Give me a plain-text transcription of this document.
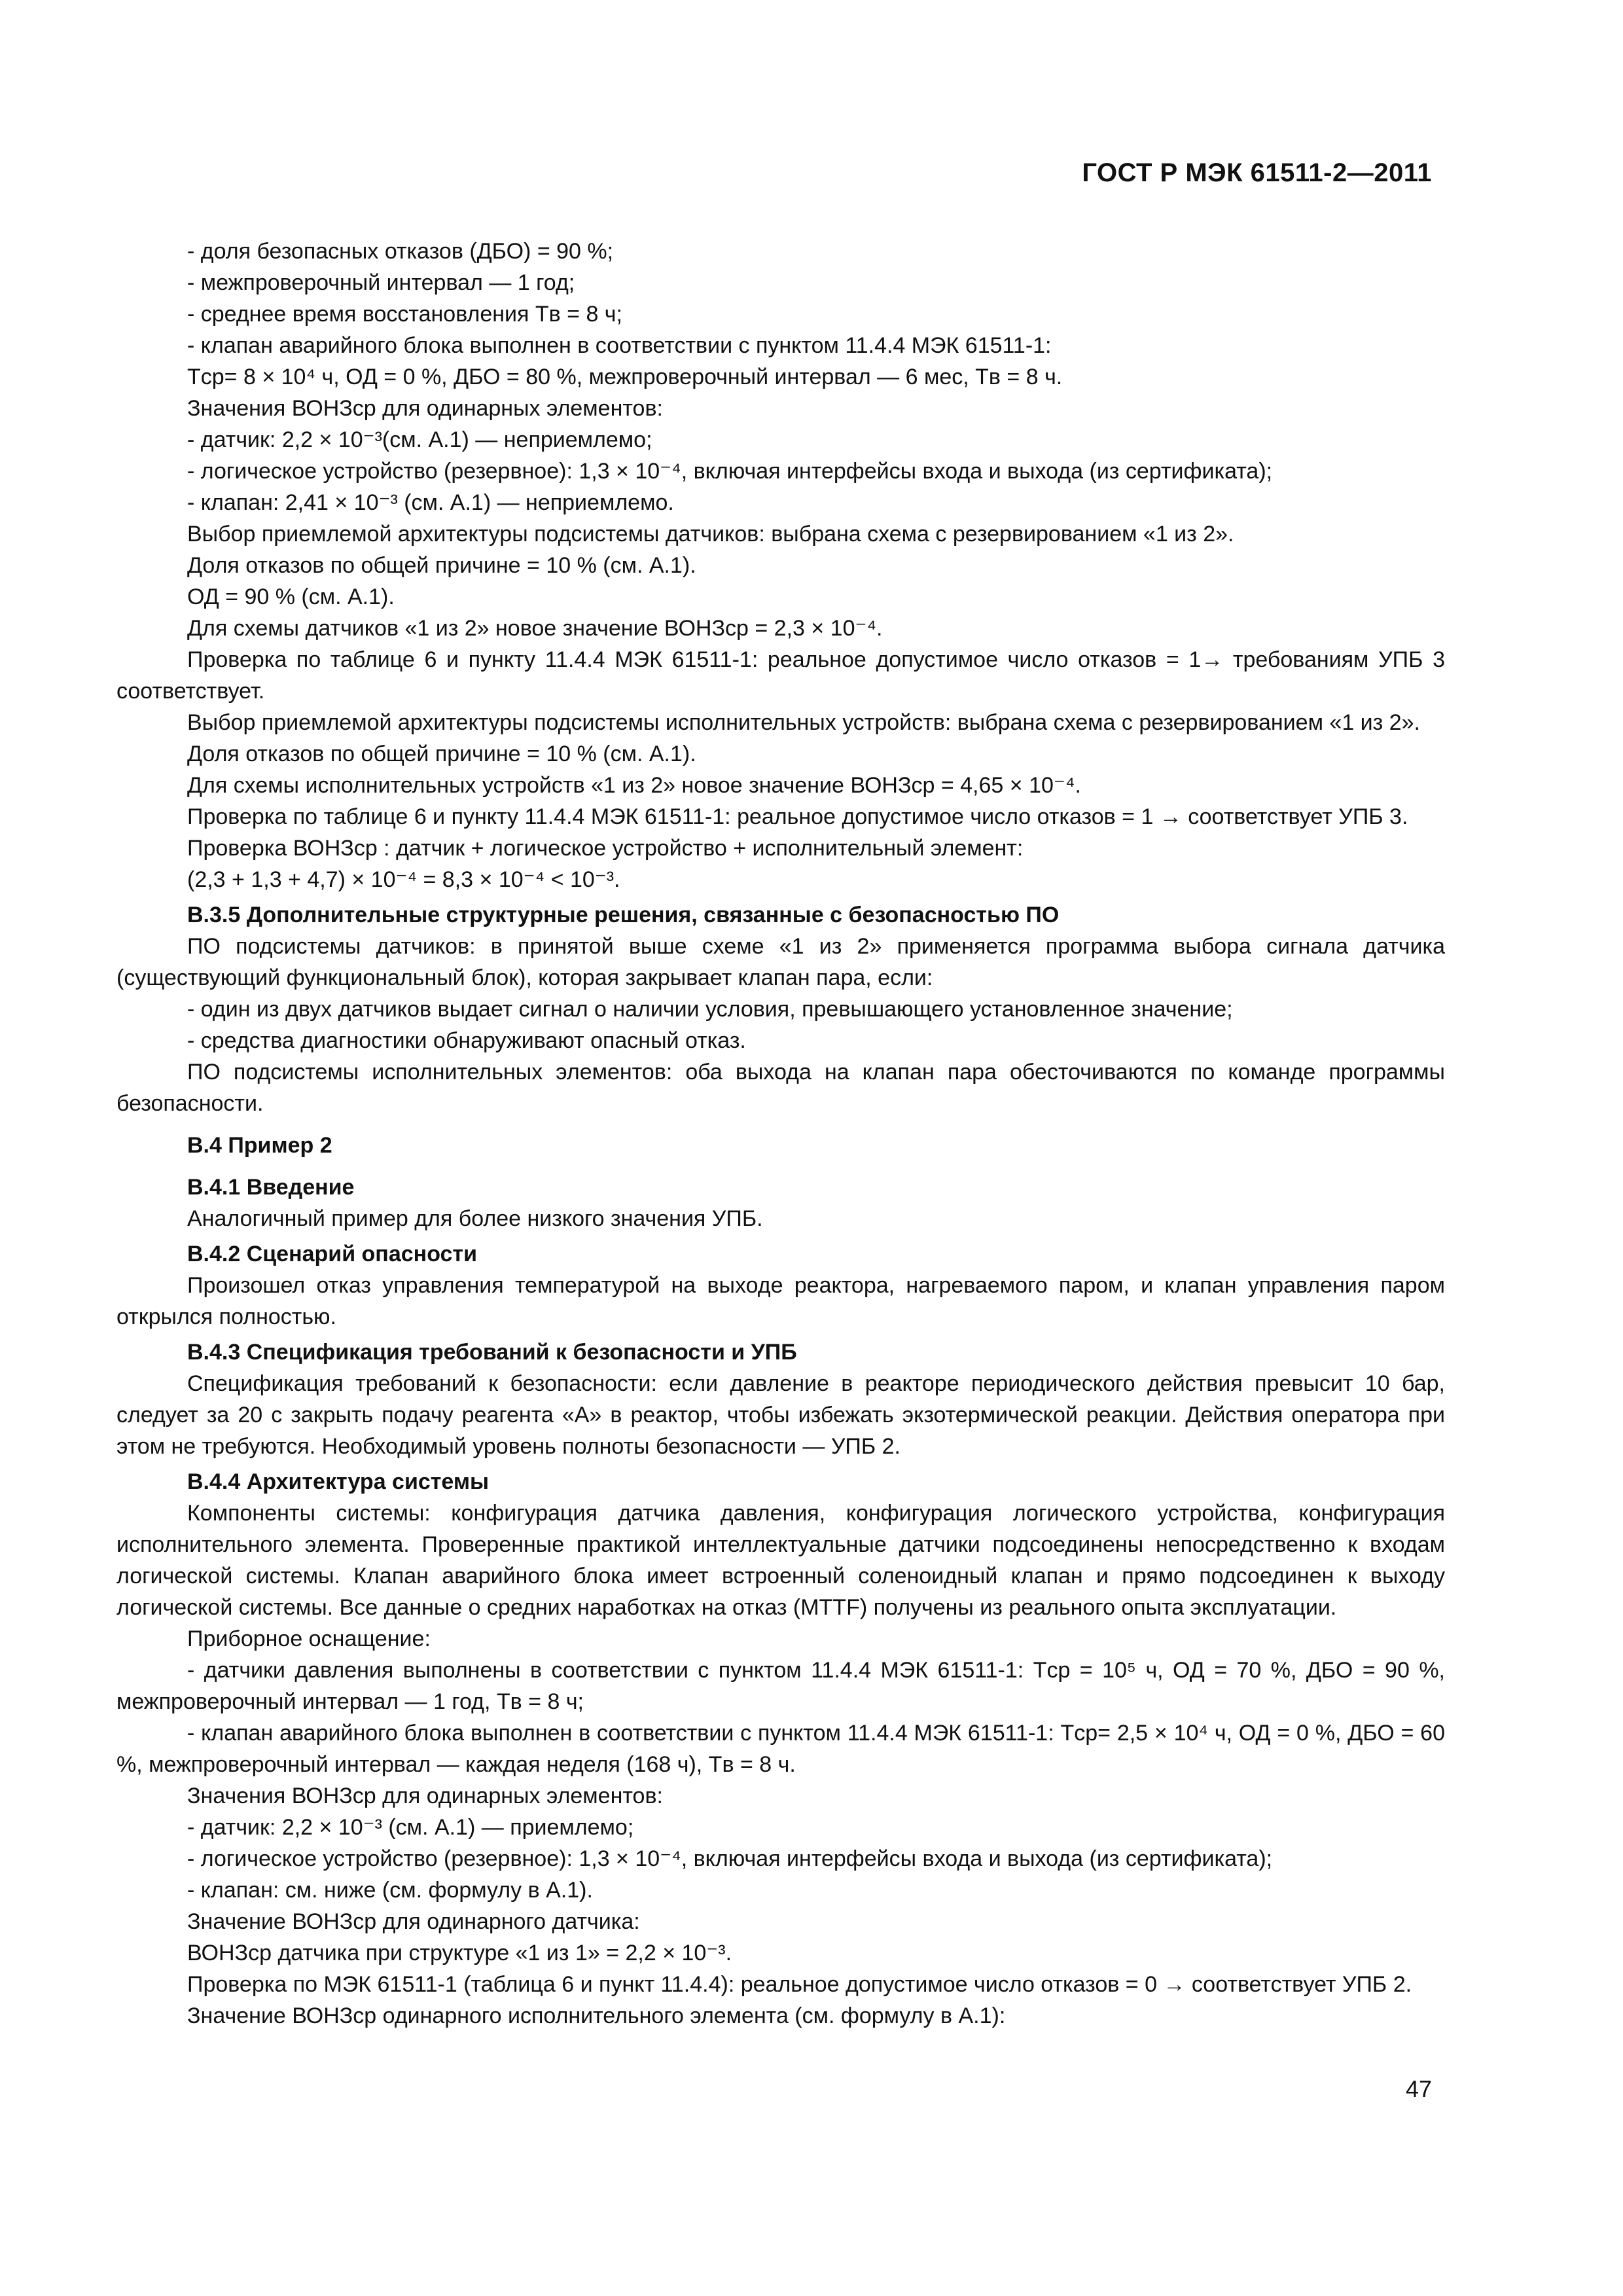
ГОСТ Р МЭК 61511-2—2011

- доля безопасных отказов (ДБО) = 90 %;

- межпроверочный интервал — 1 год;

- среднее время восстановления Tв = 8 ч;

- клапан аварийного блока выполнен в соответствии с пунктом 11.4.4 МЭК 61511-1:

Tср= 8 × 10⁴ ч, ОД = 0 %, ДБО = 80 %, межпроверочный интервал — 6 мес, Tв = 8 ч.

Значения ВОНЗср для одинарных элементов:

- датчик: 2,2 × 10⁻³(см. А.1) — неприемлемо;

- логическое устройство (резервное): 1,3 × 10⁻⁴, включая интерфейсы входа и выхода (из сертификата);

- клапан: 2,41 × 10⁻³ (см. А.1) — неприемлемо.

Выбор приемлемой архитектуры подсистемы датчиков: выбрана схема с резервированием «1 из 2».

Доля отказов по общей причине = 10 % (см. А.1).

ОД = 90 % (см. А.1).

Для схемы датчиков «1 из 2» новое значение ВОНЗср = 2,3 × 10⁻⁴.

Проверка по таблице 6 и пункту 11.4.4 МЭК 61511-1: реальное допустимое число отказов = 1→ требованиям УПБ 3 соответствует.

Выбор приемлемой архитектуры подсистемы исполнительных устройств: выбрана схема с резервированием «1 из 2».

Доля отказов по общей причине = 10 % (см. А.1).

Для схемы исполнительных устройств «1 из 2» новое значение ВОНЗср = 4,65 × 10⁻⁴.

Проверка по таблице 6 и пункту 11.4.4 МЭК 61511-1: реальное допустимое число отказов = 1 → соответствует УПБ 3.

Проверка ВОНЗср : датчик + логическое устройство + исполнительный элемент:

(2,3 + 1,3 + 4,7) × 10⁻⁴ = 8,3 × 10⁻⁴ < 10⁻³.

В.3.5 Дополнительные структурные решения, связанные с безопасностью ПО

ПО подсистемы датчиков: в принятой выше схеме «1 из 2» применяется программа выбора сигнала датчика (существующий функциональный блок), которая закрывает клапан пара, если:

- один из двух датчиков выдает сигнал о наличии условия, превышающего установленное значение;

- средства диагностики обнаруживают опасный отказ.

ПО подсистемы исполнительных элементов: оба выхода на клапан пара обесточиваются по команде программы безопасности.

В.4 Пример 2

В.4.1 Введение

Аналогичный пример для более низкого значения УПБ.

В.4.2 Сценарий опасности

Произошел отказ управления температурой на выходе реактора, нагреваемого паром, и клапан управления паром открылся полностью.

В.4.3 Спецификация требований к безопасности и УПБ

Спецификация требований к безопасности: если давление в реакторе периодического действия превысит 10 бар, следует за 20 с закрыть подачу реагента «А» в реактор, чтобы избежать экзотермической реакции. Действия оператора при этом не требуются. Необходимый уровень полноты безопасности — УПБ 2.

В.4.4 Архитектура системы

Компоненты системы: конфигурация датчика давления, конфигурация логического устройства, конфигурация исполнительного элемента. Проверенные практикой интеллектуальные датчики подсоединены непосредственно к входам логической системы. Клапан аварийного блока имеет встроенный соленоидный клапан и прямо подсоединен к выходу логической системы. Все данные о средних наработках на отказ (MTTF) получены из реального опыта эксплуатации.

Приборное оснащение:

- датчики давления выполнены в соответствии с пунктом 11.4.4 МЭК 61511-1: Tср = 10⁵ ч, ОД = 70 %, ДБО = 90 %, межпроверочный интервал — 1 год, Tв = 8 ч;

- клапан аварийного блока выполнен в соответствии с пунктом 11.4.4 МЭК 61511-1: Tср= 2,5 × 10⁴ ч, ОД = 0 %, ДБО = 60 %, межпроверочный интервал — каждая неделя (168 ч), Tв = 8 ч.

Значения ВОНЗср для одинарных элементов:

- датчик: 2,2 × 10⁻³ (см. А.1) — приемлемо;

- логическое устройство (резервное): 1,3 × 10⁻⁴, включая интерфейсы входа и выхода (из сертификата);

- клапан: см. ниже (см. формулу в А.1).

Значение ВОНЗср для одинарного датчика:

ВОНЗср датчика при структуре «1 из 1» = 2,2 × 10⁻³.

Проверка по МЭК 61511-1 (таблица 6 и пункт 11.4.4): реальное допустимое число отказов = 0 → соответствует УПБ 2.

Значение ВОНЗср одинарного исполнительного элемента (см. формулу в А.1):

47
